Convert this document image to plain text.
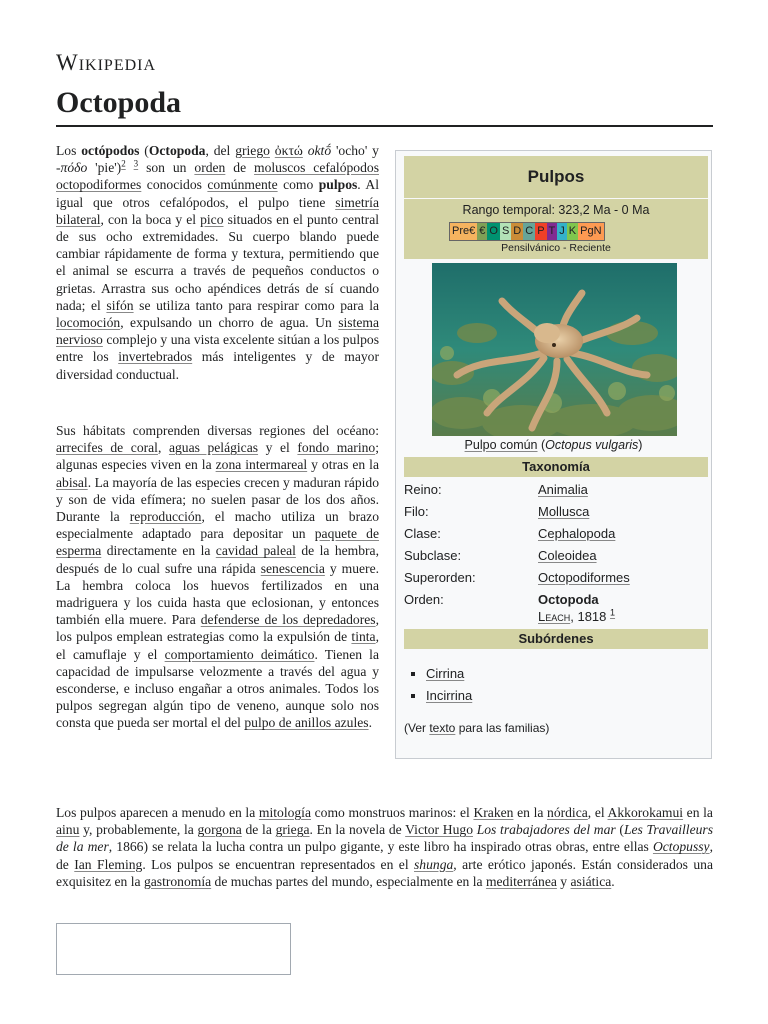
Wikipedia
Octopoda
Los octópodos (Octopoda, del griego ὀκτώ oktṓ 'ocho' y -πόδο 'pie')$^2$ $^3$ son un orden de moluscos cefalópodos octopodiformes conocidos comúnmente como pulpos. Al igual que otros cefalópodos, el pulpo tiene simetría bilateral, con la boca y el pico situados en el punto central de sus ocho extremidades. Su cuerpo blando puede cambiar rápidamente de forma y textura, permitiendo que el animal se escurra a través de pequeños conductos o grietas. Arrastra sus ocho apéndices detrás de sí cuando nada; el sifón se utiliza tanto para respirar como para la locomoción, expulsando un chorro de agua. Un sistema nervioso complejo y una vista excelente sitúan a los pulpos entre los invertebrados más inteligentes y de mayor diversidad conductual.
Sus hábitats comprenden diversas regiones del océano: arrecifes de coral, aguas pelágicas y el fondo marino; algunas especies viven en la zona intermareal y otras en la abisal. La mayoría de las especies crecen y maduran rápido y son de vida efímera; no suelen pasar de los dos años. Durante la reproducción, el macho utiliza un brazo especialmente adaptado para depositar un paquete de esperma directamente en la cavidad paleal de la hembra, después de lo cual sufre una rápida senescencia y muere. La hembra coloca los huevos fertilizados en una madriguera y los cuida hasta que eclosionan, y entonces también ella muere. Para defenderse de los depredadores, los pulpos emplean estrategias como la expulsión de tinta, el camuflaje y el comportamiento deimático. Tienen la capacidad de impulsarse velozmente a través del agua y esconderse, e incluso engañar a otros animales. Todos los pulpos segregan algún tipo de veneno, aunque solo nos consta que pueda ser mortal el del pulpo de anillos azules.
Los pulpos aparecen a menudo en la mitología como monstruos marinos: el Kraken en la nórdica, el Akkorokamui en la ainu y, probablemente, la gorgona de la griega. En la novela de Victor Hugo Los trabajadores del mar (Les Travailleurs de la mer, 1866) se relata la lucha contra un pulpo gigante, y este libro ha inspirado otras obras, entre ellas Octopussy, de Ian Fleming. Los pulpos se encuentran representados en el shunga, arte erótico japonés. Están considerados una exquisitez en la gastronomía de muchas partes del mundo, especialmente en la mediterránea y asiática.
Pulpos
Rango temporal: 323,2 Ma - 0 Ma
Pre€ € O S D C P T J K PgN
Pensilvánico - Reciente
Pulpo común (Octopus vulgaris)
Taxonomía
Reino:	Animalia
Filo:	Mollusca
Clase:	Cephalopoda
Subclase:	Coleoidea
Superorden:	Octopodiformes
Orden:	Octopoda
Leach, 1818 $^1$
Subórdenes
▪ Cirrina
▪ Incirrina
(Ver texto para las familias)
